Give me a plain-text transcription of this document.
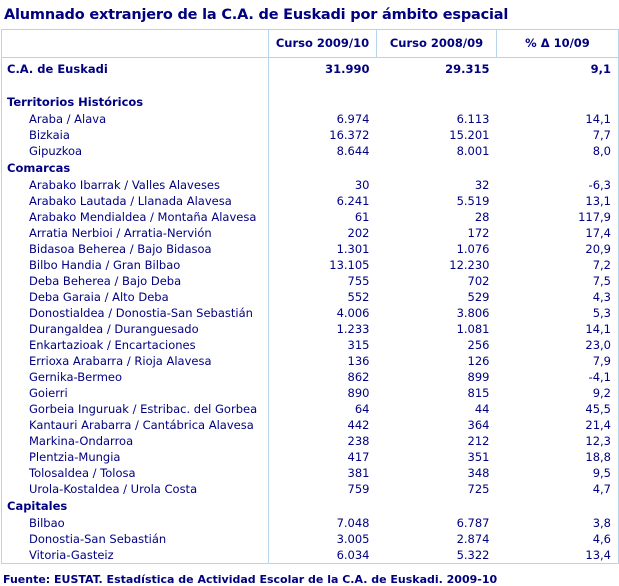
Alumnado extranjero de la C.A. de Euskadi por ámbito espacial
	Curso 2009/10	Curso 2008/09	% Δ 10/09
C.A. de Euskadi	31.990	29.315	9,1

Territorios Históricos			
Araba / Alava	6.974	6.113	14,1
Bizkaia	16.372	15.201	7,7
Gipuzkoa	8.644	8.001	8,0
Comarcas			
Arabako Ibarrak / Valles Alaveses	30	32	-6,3
Arabako Lautada / Llanada Alavesa	6.241	5.519	13,1
Arabako Mendialdea / Montaña Alavesa	61	28	117,9
Arratia Nerbioi / Arratia-Nervión	202	172	17,4
Bidasoa Beherea / Bajo Bidasoa	1.301	1.076	20,9
Bilbo Handia / Gran Bilbao	13.105	12.230	7,2
Deba Beherea / Bajo Deba	755	702	7,5
Deba Garaia / Alto Deba	552	529	4,3
Donostialdea / Donostia-San Sebastián	4.006	3.806	5,3
Durangaldea / Duranguesado	1.233	1.081	14,1
Enkartazioak / Encartaciones	315	256	23,0
Errioxa Arabarra / Rioja Alavesa	136	126	7,9
Gernika-Bermeo	862	899	-4,1
Goierri	890	815	9,2
Gorbeia Inguruak / Estribac. del Gorbea	64	44	45,5
Kantauri Arabarra / Cantábrica Alavesa	442	364	21,4
Markina-Ondarroa	238	212	12,3
Plentzia-Mungia	417	351	18,8
Tolosaldea / Tolosa	381	348	9,5
Urola-Kostaldea / Urola Costa	759	725	4,7
Capitales			
Bilbao	7.048	6.787	3,8
Donostia-San Sebastián	3.005	2.874	4,6
Vitoria-Gasteiz	6.034	5.322	13,4
Fuente: EUSTAT. Estadística de Actividad Escolar de la C.A. de Euskadi. 2009-10
